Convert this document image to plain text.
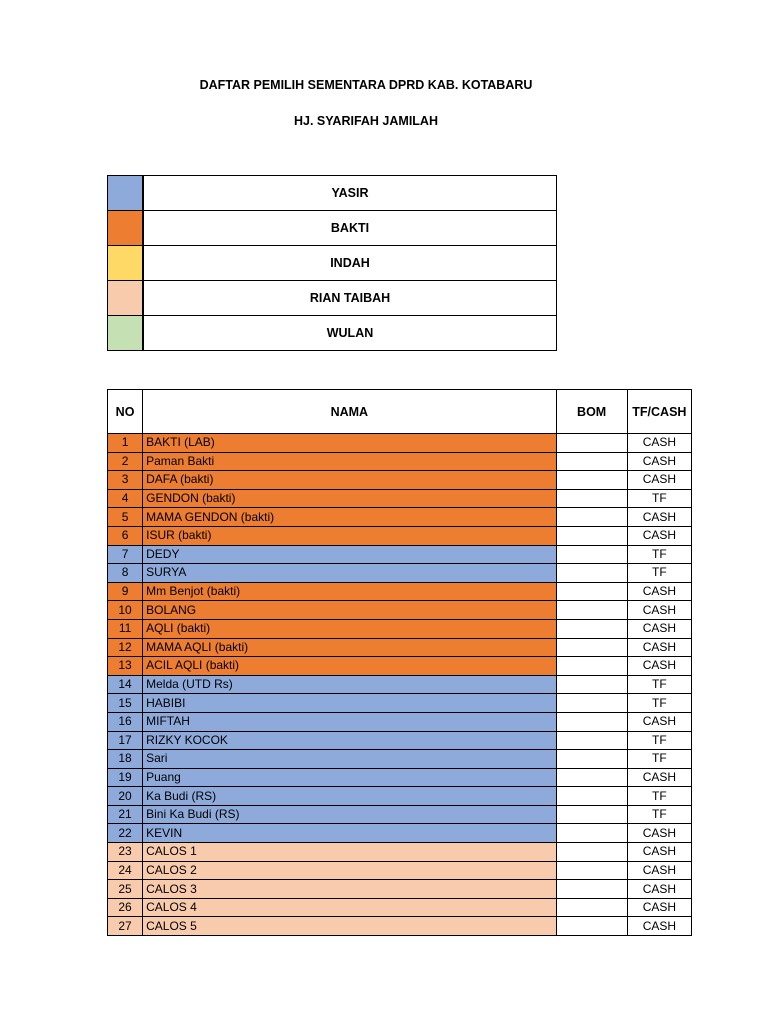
DAFTAR PEMILIH SEMENTARA DPRD KAB. KOTABARU
HJ. SYARIFAH JAMILAH
	YASIR
	BAKTI
	INDAH
	RIAN TAIBAH
	WULAN
NO	NAMA	BOM	TF/CASH
1	BAKTI (LAB)		CASH
2	Paman Bakti		CASH
3	DAFA (bakti)		CASH
4	GENDON (bakti)		TF
5	MAMA GENDON (bakti)		CASH
6	ISUR (bakti)		CASH
7	DEDY		TF
8	SURYA		TF
9	Mm Benjot (bakti)		CASH
10	BOLANG		CASH
11	AQLI (bakti)		CASH
12	MAMA AQLI (bakti)		CASH
13	ACIL AQLI (bakti)		CASH
14	Melda (UTD Rs)		TF
15	HABIBI		TF
16	MIFTAH		CASH
17	RIZKY KOCOK		TF
18	Sari		TF
19	Puang		CASH
20	Ka Budi (RS)		TF
21	Bini Ka Budi (RS)		TF
22	KEVIN		CASH
23	CALOS 1		CASH
24	CALOS 2		CASH
25	CALOS 3		CASH
26	CALOS 4		CASH
27	CALOS 5		CASH
